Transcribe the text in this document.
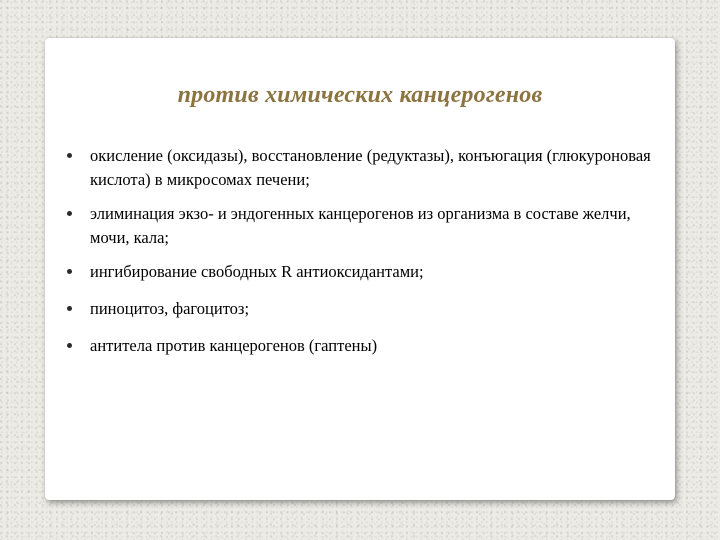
против химических канцерогенов
окисление (оксидазы), восстановление (редуктазы), конъюгация (глюкуроновая кислота) в микросомах печени;
элиминация экзо- и эндогенных канцерогенов из организма в составе желчи, мочи, кала;
ингибирование свободных R антиоксидантами;
пиноцитоз, фагоцитоз;
антитела против канцерогенов (гаптены)
